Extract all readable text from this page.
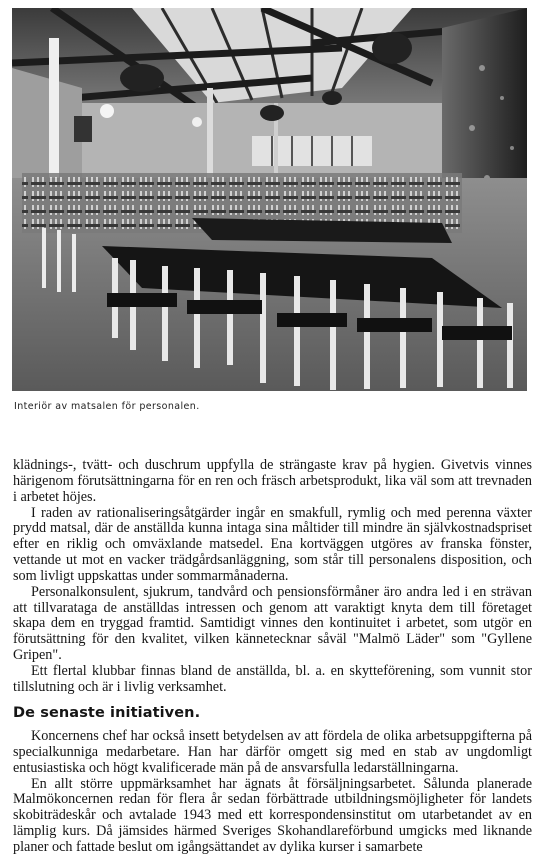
Interiör av matsalen för personalen.

klädnings-, tvätt- och duschrum uppfylla de strängaste krav på hygien. Givetvis vinnes härigenom förutsättningarna för en ren och fräsch arbetsprodukt, lika väl som att trevnaden i arbetet höjes.

I raden av rationaliseringsåtgärder ingår en smakfull, rymlig och med perenna växter prydd matsal, där de anställda kunna intaga sina måltider till mindre än självkostnadspriset efter en riklig och omväxlande matsedel. Ena kortväggen utgöres av franska fönster, vettande ut mot en vacker trädgårdsanläggning, som står till personalens disposition, och som livligt uppskattas under sommarmånaderna.

Personalkonsulent, sjukrum, tandvård och pensionsförmåner äro andra led i en strävan att tillvarataga de anställdas intressen och genom att varaktigt knyta dem till företaget skapa dem en tryggad framtid. Samtidigt vinnes den kontinuitet i arbetet, som utgör en förutsättning för den kvalitet, vilken kännetecknar såväl "Malmö Läder" som "Gyllene Gripen".

Ett flertal klubbar finnas bland de anställda, bl. a. en skytteförening, som vunnit stor tillslutning och är i livlig verksamhet.

De senaste initiativen.

Koncernens chef har också insett betydelsen av att fördela de olika arbetsuppgifterna på specialkunniga medarbetare. Han har därför omgett sig med en stab av ungdomligt entusiastiska och högt kvalificerade män på de ansvarsfulla ledarställningarna.

En allt större uppmärksamhet har ägnats åt försäljningsarbetet. Sålunda planerade Malmökoncernen redan för flera år sedan förbättrade utbildningsmöjligheter för landets skobiträdeskår och avtalade 1943 med ett korrespondensinstitut om utarbetandet av en lämplig kurs. Då jämsides härmed Sveriges Skohandlareförbund umgicks med liknande planer och fattade beslut om igångsättandet av dylika kurser i samarbete
